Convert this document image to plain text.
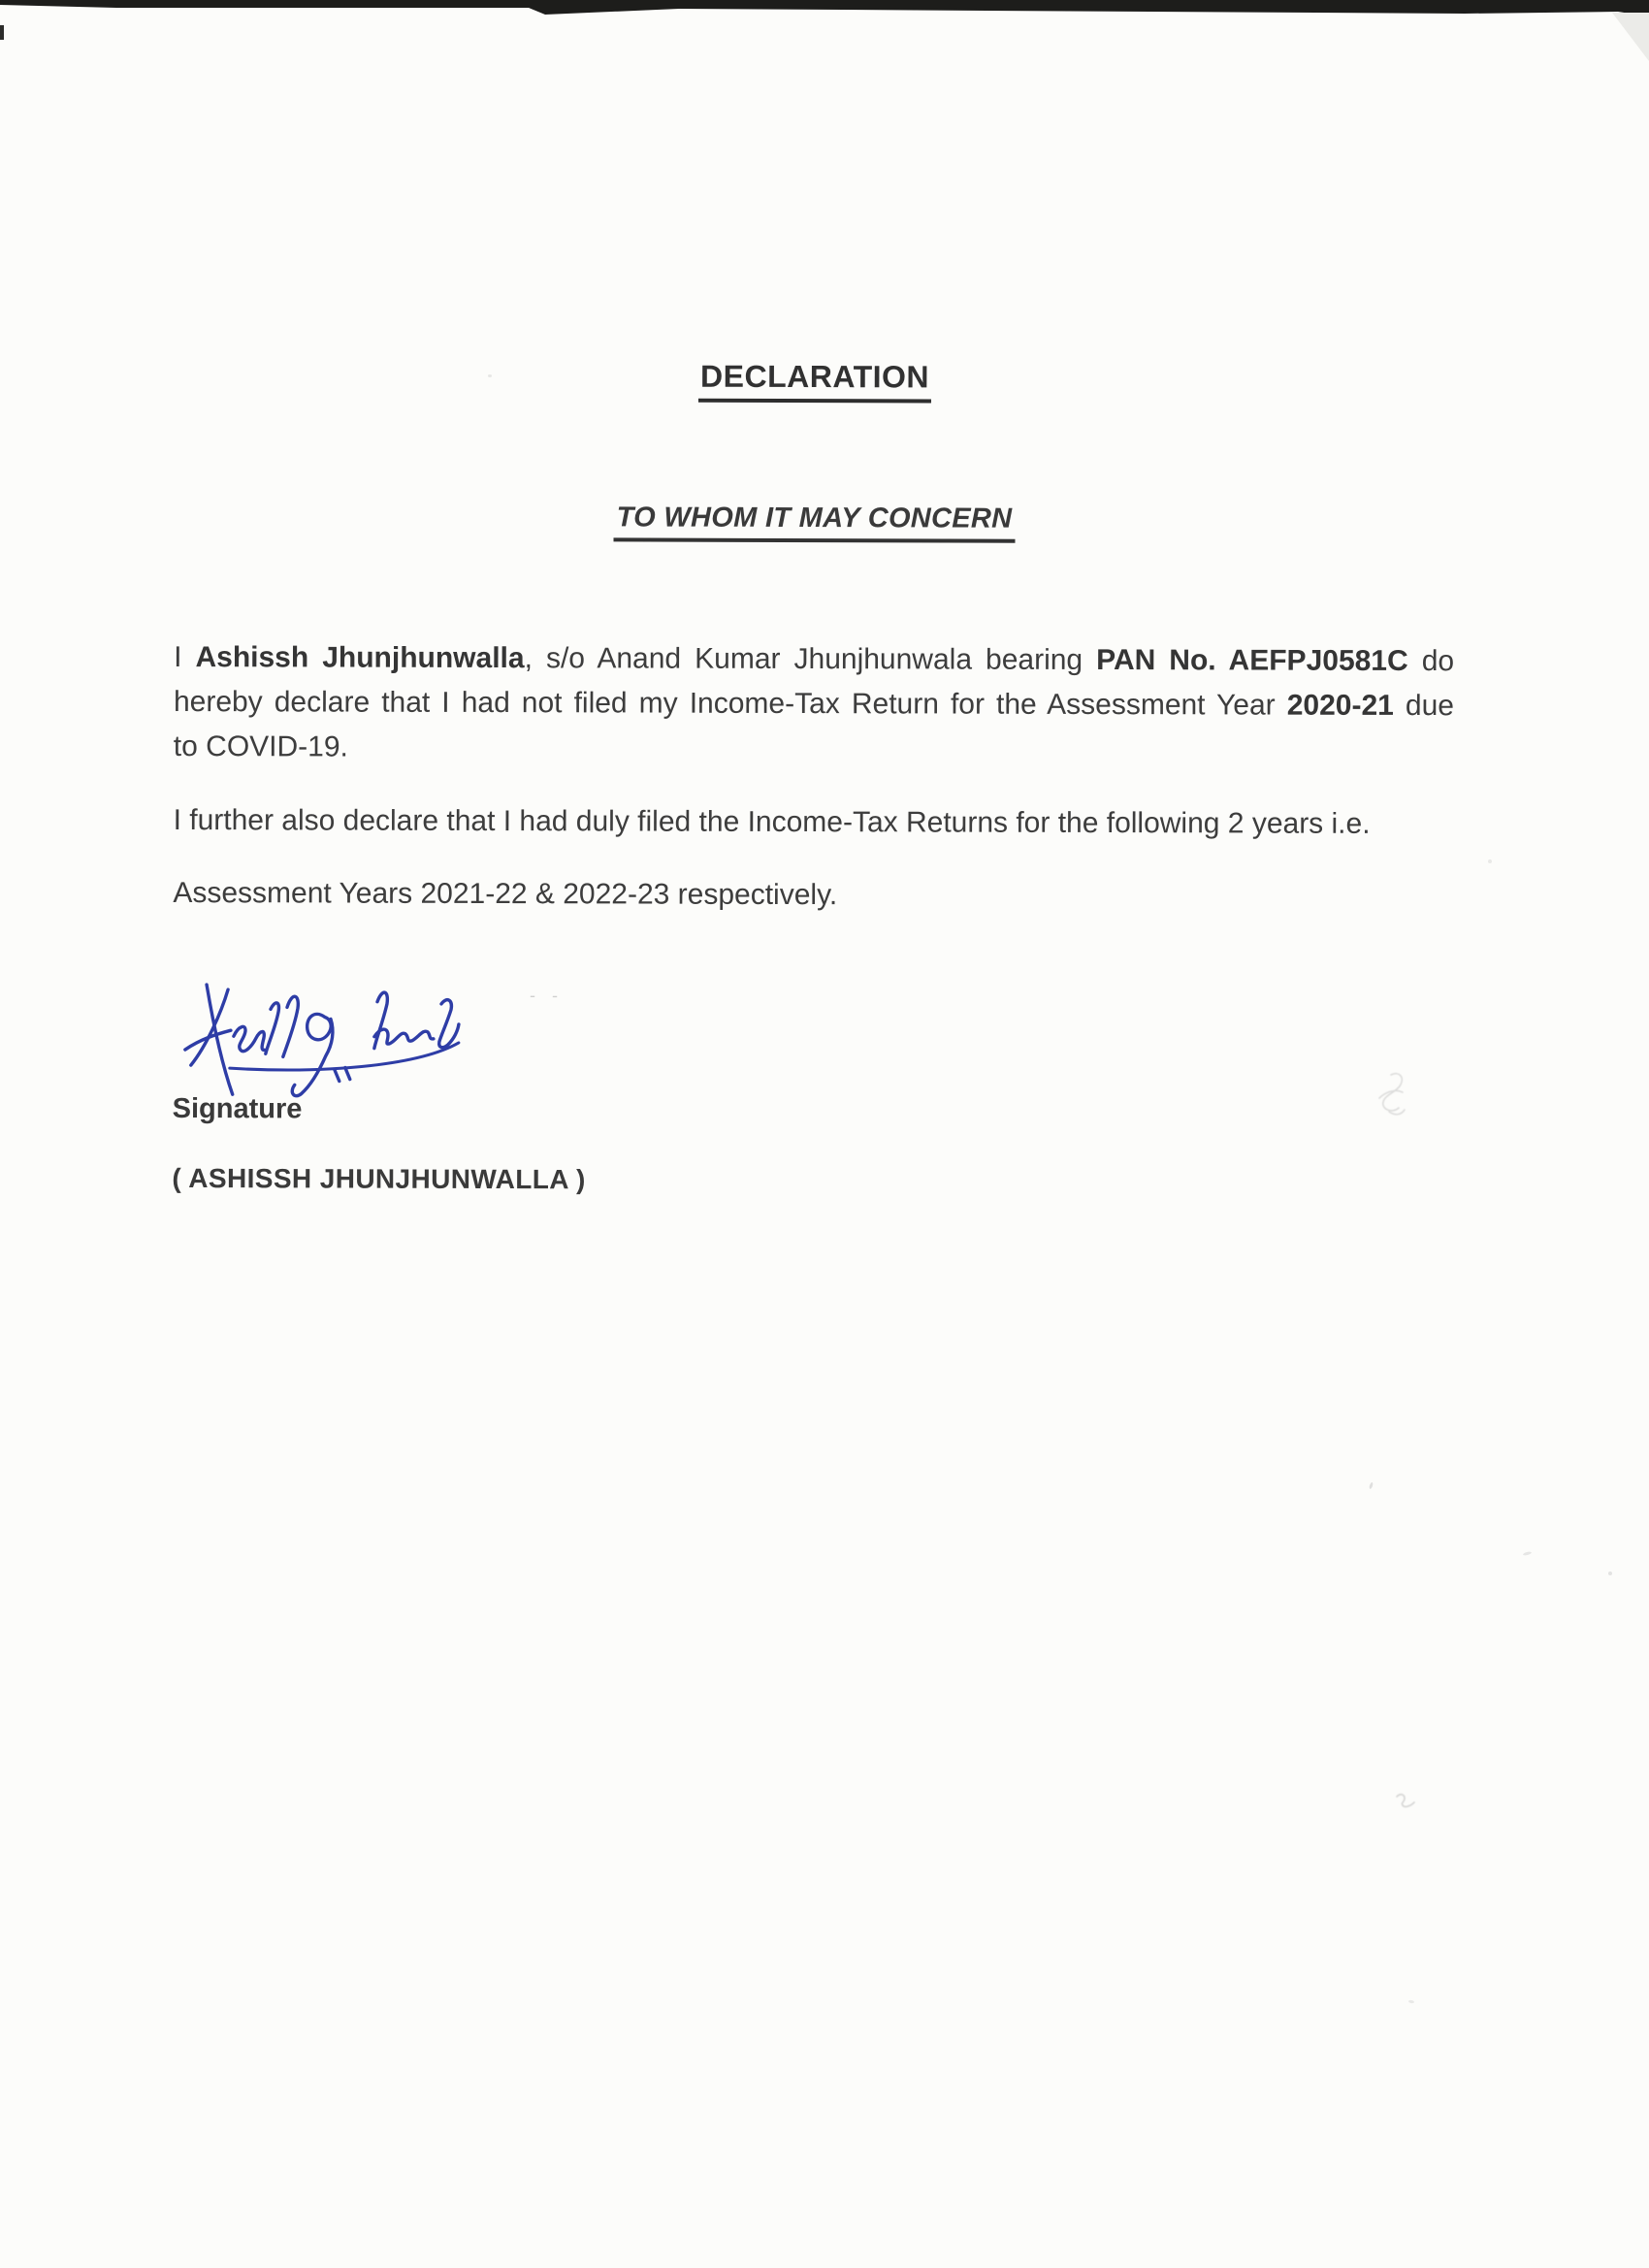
DECLARATION
TO WHOM IT MAY CONCERN
I Ashissh Jhunjhunwalla, s/o Anand Kumar Jhunjhunwala bearing PAN No. AEFPJ0581C do
hereby declare that I had not filed my Income-Tax Return for the Assessment Year 2020-21 due
to COVID-19.
I further also declare that I had duly filed the Income-Tax Returns for the following 2 years i.e.
Assessment Years 2021-22 & 2022-23 respectively.
- -
Signature
( ASHISSH JHUNJHUNWALLA )
